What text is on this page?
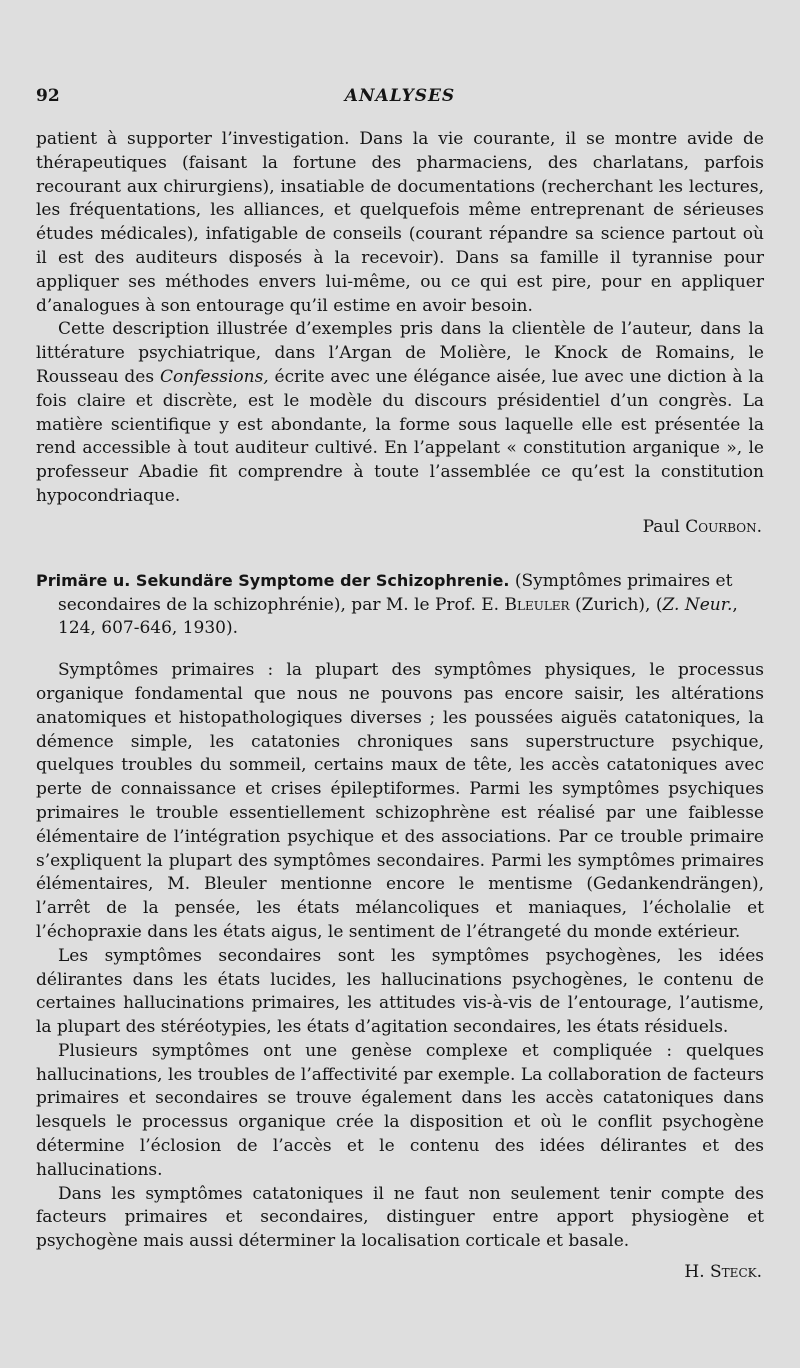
92	ANALYSES

patient à supporter l’investigation. Dans la vie courante, il se montre avide de thérapeutiques (faisant la fortune des pharmaciens, des charlatans, parfois recourant aux chirurgiens), insatiable de documentations (recherchant les lectures, les fréquentations, les alliances, et quelquefois même entreprenant de sérieuses études médicales), infatigable de conseils (courant répandre sa science partout où il est des auditeurs disposés à la recevoir). Dans sa famille il tyrannise pour appliquer ses méthodes envers lui-même, ou ce qui est pire, pour en appliquer d’analogues à son entourage qu’il estime en avoir besoin.

Cette description illustrée d’exemples pris dans la clientèle de l’auteur, dans la littérature psychiatrique, dans l’Argan de Molière, le Knock de Romains, le Rousseau des Confessions, écrite avec une élégance aisée, lue avec une diction à la fois claire et discrète, est le modèle du discours présidentiel d’un congrès. La matière scientifique y est abondante, la forme sous laquelle elle est présentée la rend accessible à tout auditeur cultivé. En l’appelant « constitution arganique », le professeur Abadie fit comprendre à toute l’assemblée ce qu’est la constitution hypocondriaque.

Paul Courbon.
Primäre u. Sekundäre Symptome der Schizophrenie. (Symptômes primaires et secondaires de la schizophrénie), par M. le Prof. E. Bleuler (Zurich), (Z. Neur., 124, 607-646, 1930).

Symptômes primaires : la plupart des symptômes physiques, le processus organique fondamental que nous ne pouvons pas encore saisir, les altérations anatomiques et histopathologiques diverses ; les poussées aiguës catatoniques, la démence simple, les catatonies chroniques sans superstructure psychique, quelques troubles du sommeil, certains maux de tête, les accès catatoniques avec perte de connaissance et crises épileptiformes. Parmi les symptômes psychiques primaires le trouble essentiellement schizophrène est réalisé par une faiblesse élémentaire de l’intégration psychique et des associations. Par ce trouble primaire s’expliquent la plupart des symptômes secondaires. Parmi les symptômes primaires élémentaires, M. Bleuler mentionne encore le mentisme (Gedankendrängen), l’arrêt de la pensée, les états mélancoliques et maniaques, l’écholalie et l’échopraxie dans les états aigus, le sentiment de l’étrangeté du monde extérieur.

Les symptômes secondaires sont les symptômes psychogènes, les idées délirantes dans les états lucides, les hallucinations psychogènes, le contenu de certaines hallucinations primaires, les attitudes vis-à-vis de l’entourage, l’autisme, la plupart des stéréotypies, les états d’agitation secondaires, les états résiduels.

Plusieurs symptômes ont une genèse complexe et compliquée : quelques hallucinations, les troubles de l’affectivité par exemple. La collaboration de facteurs primaires et secondaires se trouve également dans les accès catatoniques dans lesquels le processus organique crée la disposition et où le conflit psychogène détermine l’éclosion de l’accès et le contenu des idées délirantes et des hallucinations.

Dans les symptômes catatoniques il ne faut non seulement tenir compte des facteurs primaires et secondaires, distinguer entre apport physiogène et psychogène mais aussi déterminer la localisation corticale et basale.

H. Steck.
